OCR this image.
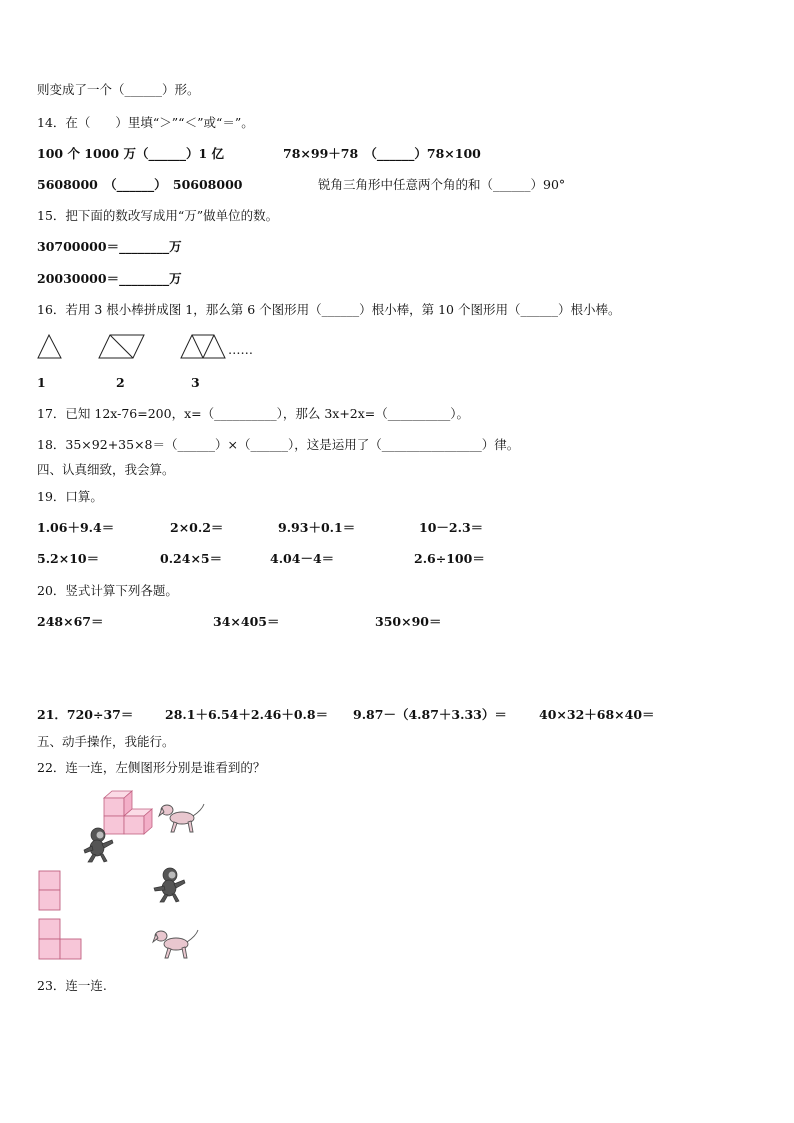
则变成了一个（______）形。
14．在（　　）里填“＞”“＜”或“＝”。
100 个 1000 万（______）1 亿	78×99＋78　（______）78×100
5608000　（______）　50608000	锐角三角形中任意两个角的和（______）90°
15．把下面的数改写成用“万”做单位的数。
30700000＝________万
20030000＝________万
16．若用 3 根小棒拼成图 1，那么第 6 个图形用（______）根小棒，第 10 个图形用（______）根小棒。
……
1	2	3
17．已知 12x-76=200，x=（__________），那么 3x+2x=（__________）。
18．35×92+35×8＝（______）×（______），这是运用了（________________）律。
四、认真细致，我会算。
19．口算。
1.06＋9.4＝	2×0.2＝	9.93＋0.1＝	10－2.3＝
5.2×10＝	0.24×5＝	4.04－4＝	2.6÷100＝
20．竖式计算下列各题。
248×67＝	34×405＝	350×90＝
21．720÷37＝	28.1＋6.54＋2.46＋0.8＝ 9.87－（4.87＋3.33）＝	40×32＋68×40＝
五、动手操作，我能行。
22．连一连，左侧图形分别是谁看到的？
23．连一连.
